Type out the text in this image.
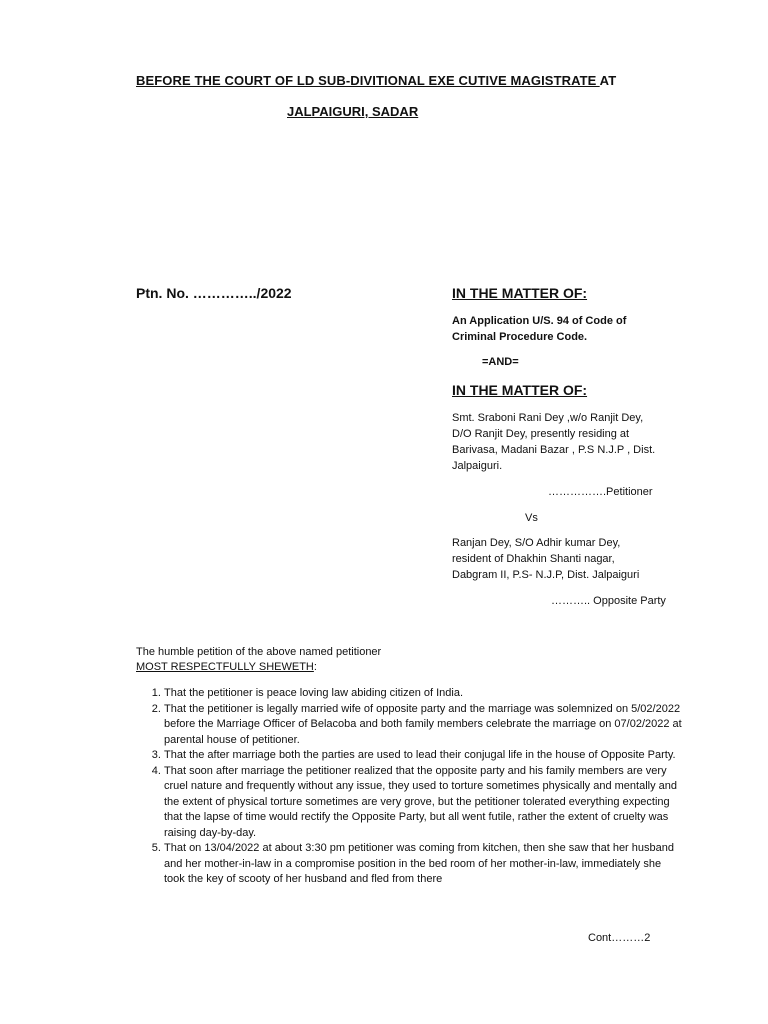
BEFORE THE COURT OF LD SUB-DIVITIONAL EXE CUTIVE MAGISTRATE AT
JALPAIGURI, SADAR
Ptn. No. …………../2022	IN THE MATTER OF:
An Application U/S. 94 of Code of
Criminal Procedure Code.
=AND=
IN THE MATTER OF:
Smt. Sraboni Rani Dey ,w/o Ranjit Dey,
D/O Ranjit Dey, presently residing at
Barivasa, Madani Bazar , P.S N.J.P , Dist.
Jalpaiguri.
…………….Petitioner
Vs
Ranjan Dey, S/O Adhir kumar Dey,
resident of Dhakhin Shanti nagar,
Dabgram II, P.S- N.J.P, Dist. Jalpaiguri
……….. Opposite Party
The humble petition of the above named petitioner
MOST RESPECTFULLY SHEWETH:
1. That the petitioner is peace loving law abiding citizen of India.
2. That the petitioner is legally married wife of opposite party and the marriage was solemnized on 5/02/2022 before the Marriage Officer of Belacoba and both family members celebrate the marriage on 07/02/2022 at parental house of petitioner.
3. That the after marriage both the parties are used to lead their conjugal life in the house of Opposite Party.
4. That soon after marriage the petitioner realized that the opposite party and his family members are very cruel nature and frequently without any issue, they used to torture sometimes physically and mentally and the extent of physical torture sometimes are very grove, but the petitioner tolerated everything expecting that the lapse of time would rectify the Opposite Party, but all went futile, rather the extent of cruelty was raising day-by-day.
5. That on 13/04/2022 at about 3:30 pm petitioner was coming from kitchen, then she saw that her husband and her mother-in-law in a compromise position in the bed room of her mother-in-law, immediately she took the key of scooty of her husband and fled from there
Cont………2
